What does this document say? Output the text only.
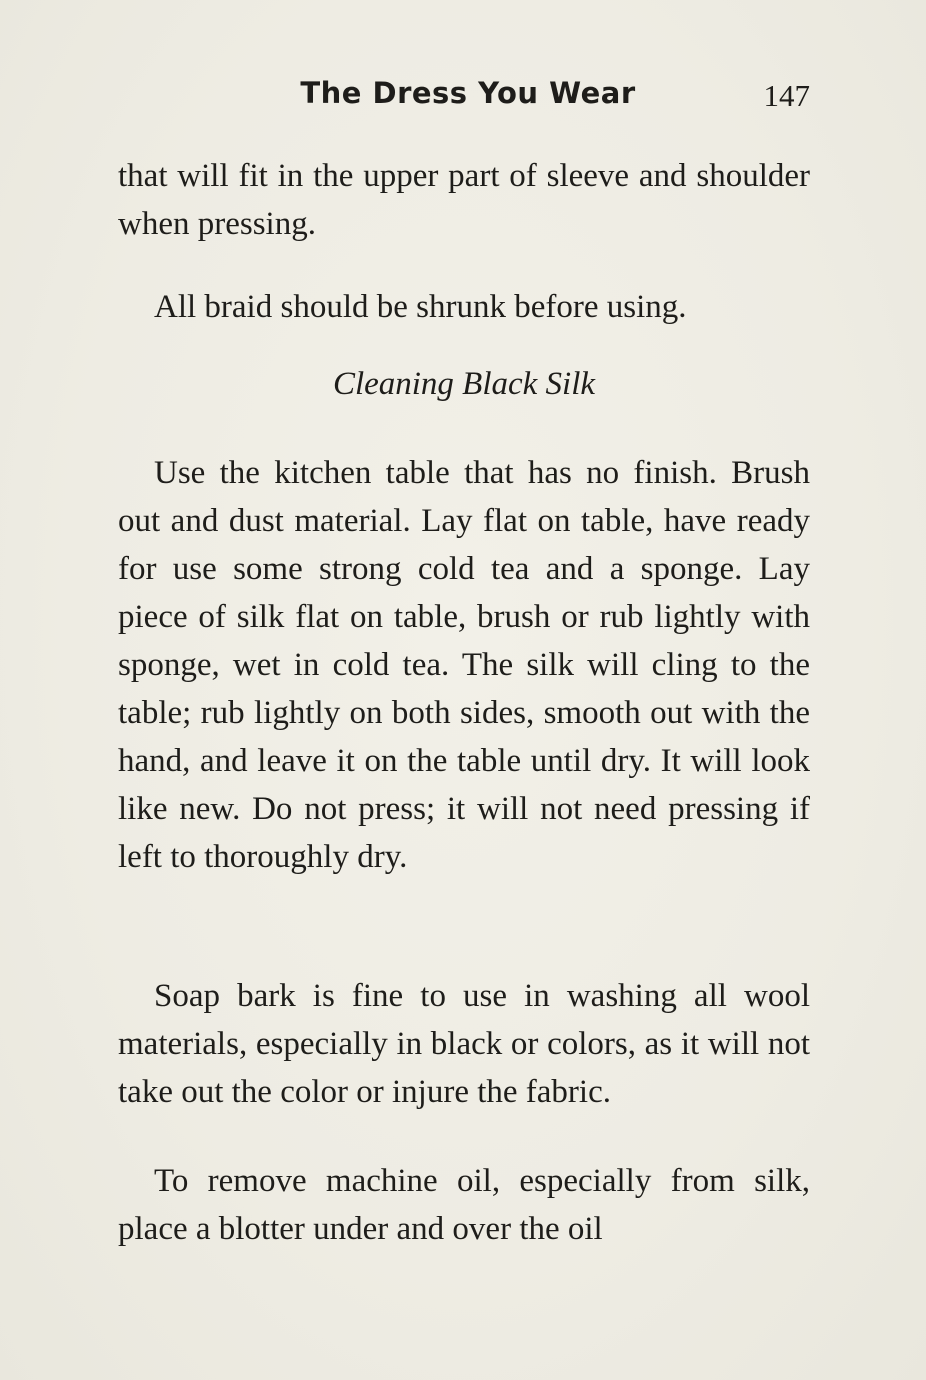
The Dress You Wear	147

that will fit in the upper part of sleeve and shoulder when pressing.

All braid should be shrunk before using.

Cleaning Black Silk

Use the kitchen table that has no finish. Brush out and dust material. Lay flat on table, have ready for use some strong cold tea and a sponge. Lay piece of silk flat on table, brush or rub lightly with sponge, wet in cold tea. The silk will cling to the table; rub lightly on both sides, smooth out with the hand, and leave it on the table until dry. It will look like new. Do not press; it will not need pressing if left to thoroughly dry.

Soap bark is fine to use in washing all wool materials, especially in black or colors, as it will not take out the color or injure the fabric.

To remove machine oil, especially from silk, place a blotter under and over the oil
